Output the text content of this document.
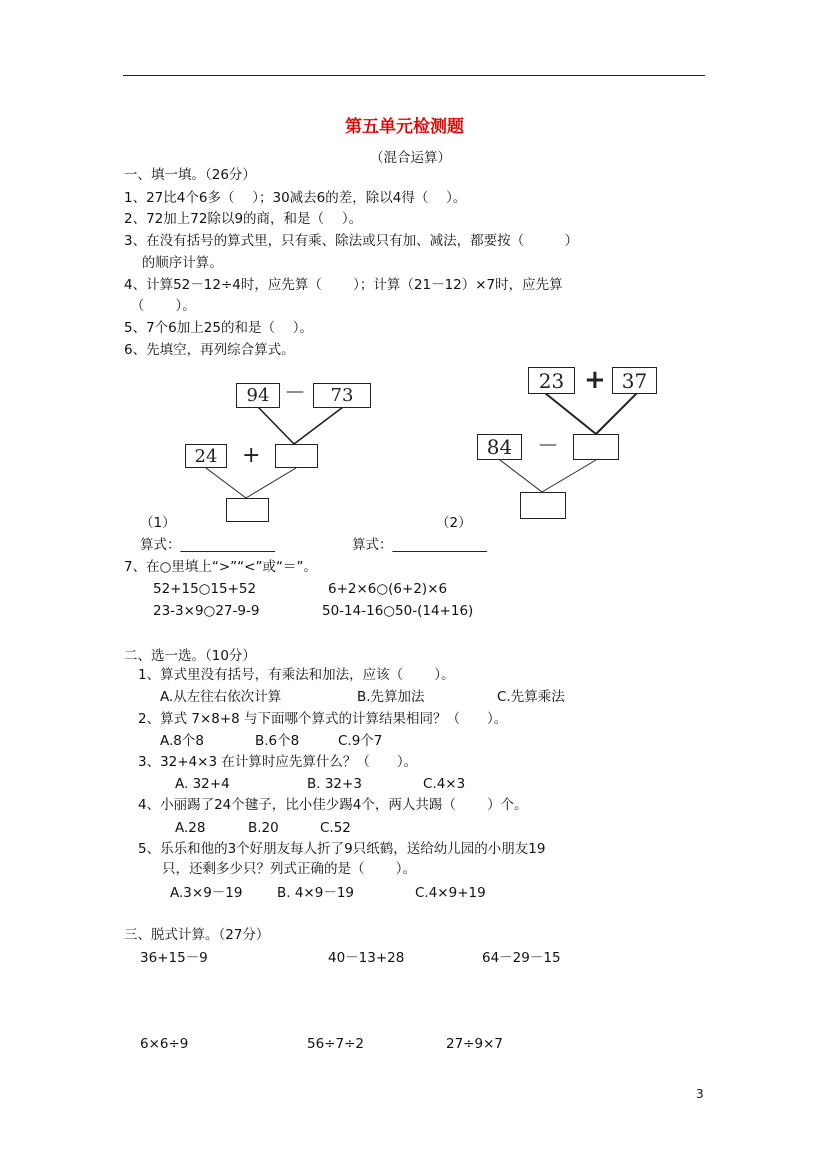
第五单元检测题
（混合运算）
一、填一填。（26分）
1、27比4个6多（　 ）；30减去6的差，除以4得（　 ）。
2、72加上72除以9的商，和是（　 ）。
3、在没有括号的算式里，只有乘、除法或只有加、减法，都要按（　　　）
　 的顺序计算。
4、计算52－12÷4时，应先算（　　 ）；计算（21－12）×7时，应先算
　（　　 ）。
5、7个6加上25的和是（　 ）。
6、先填空，再列综合算式。
94 －	73
24	+
（1）
23 + 37
84	－
（2）
算式：______________	算式：______________
7、在○里填上“>”“<”或“＝”。
52+15○15+52	6+2×6○(6+2)×6
23-3×9○27-9-9	50-14-16○50-(14+16)
二、选一选。（10分）
1、算式里没有括号，有乘法和加法，应该（　　 ）。
A.从左往右依次计算	B.先算加法	C.先算乘法
2、算式 7×8+8 与下面哪个算式的计算结果相同？（　　）。
A.8个8	B.6个8	C.9个7
3、32+4×3 在计算时应先算什么？（　　）。
A. 32+4	B. 32+3	C.4×3
4、小丽踢了24个毽子，比小佳少踢4个，两人共踢（　　 ）个。
A.28	B.20	C.52
5、乐乐和他的3个好朋友每人折了9只纸鹤，送给幼儿园的小朋友19
只，还剩多少只？列式正确的是（　　 ）。
A.3×9－19	B. 4×9－19	C.4×9+19
三、脱式计算。（27分）
36+15－9	40－13+28	64－29－15
6×6÷9	56÷7÷2	27÷9×7
3
